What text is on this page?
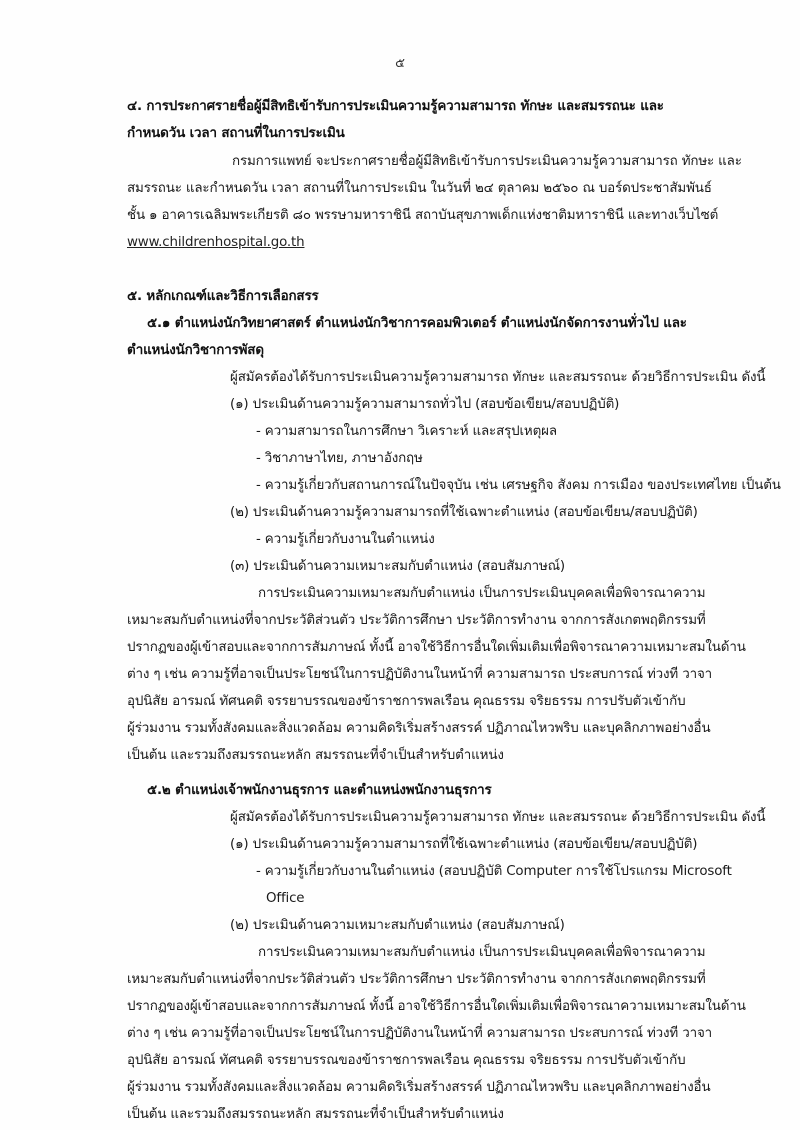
๕
๔. การประกาศรายชื่อผู้มีสิทธิเข้ารับการประเมินความรู้ความสามารถ ทักษะ และสมรรถนะ และ
กำหนดวัน เวลา สถานที่ในการประเมิน
กรมการแพทย์ จะประกาศรายชื่อผู้มีสิทธิเข้ารับการประเมินความรู้ความสามารถ ทักษะ และ
สมรรถนะ และกำหนดวัน เวลา สถานที่ในการประเมิน ในวันที่ ๒๔ ตุลาคม ๒๕๖๐ ณ บอร์ดประชาสัมพันธ์
ชั้น ๑ อาคารเฉลิมพระเกียรติ ๘๐ พรรษามหาราชินี สถาบันสุขภาพเด็กแห่งชาติมหาราชินี และทางเว็บไซต์
www.childrenhospital.go.th
๕. หลักเกณฑ์และวิธีการเลือกสรร
๕.๑ ตำแหน่งนักวิทยาศาสตร์ ตำแหน่งนักวิชาการคอมพิวเตอร์ ตำแหน่งนักจัดการงานทั่วไป และ
ตำแหน่งนักวิชาการพัสดุ
ผู้สมัครต้องได้รับการประเมินความรู้ความสามารถ ทักษะ และสมรรถนะ ด้วยวิธีการประเมิน ดังนี้
(๑) ประเมินด้านความรู้ความสามารถทั่วไป (สอบข้อเขียน/สอบปฏิบัติ)
- ความสามารถในการศึกษา วิเคราะห์ และสรุปเหตุผล
- วิชาภาษาไทย, ภาษาอังกฤษ
- ความรู้เกี่ยวกับสถานการณ์ในปัจจุบัน เช่น เศรษฐกิจ สังคม การเมือง ของประเทศไทย เป็นต้น
(๒) ประเมินด้านความรู้ความสามารถที่ใช้เฉพาะตำแหน่ง (สอบข้อเขียน/สอบปฏิบัติ)
- ความรู้เกี่ยวกับงานในตำแหน่ง
(๓) ประเมินด้านความเหมาะสมกับตำแหน่ง (สอบสัมภาษณ์)
การประเมินความเหมาะสมกับตำแหน่ง เป็นการประเมินบุคคลเพื่อพิจารณาความ
เหมาะสมกับตำแหน่งที่จากประวัติส่วนตัว ประวัติการศึกษา ประวัติการทำงาน จากการสังเกตพฤติกรรมที่
ปรากฏของผู้เข้าสอบและจากการสัมภาษณ์ ทั้งนี้ อาจใช้วิธีการอื่นใดเพิ่มเติมเพื่อพิจารณาความเหมาะสมในด้าน
ต่าง ๆ เช่น ความรู้ที่อาจเป็นประโยชน์ในการปฏิบัติงานในหน้าที่ ความสามารถ ประสบการณ์ ท่วงที วาจา
อุปนิสัย อารมณ์ ทัศนคติ จรรยาบรรณของข้าราชการพลเรือน คุณธรรม จริยธรรม การปรับตัวเข้ากับ
ผู้ร่วมงาน รวมทั้งสังคมและสิ่งแวดล้อม ความคิดริเริ่มสร้างสรรค์ ปฏิภาณไหวพริบ และบุคลิกภาพอย่างอื่น
เป็นต้น และรวมถึงสมรรถนะหลัก สมรรถนะที่จำเป็นสำหรับตำแหน่ง
๕.๒ ตำแหน่งเจ้าพนักงานธุรการ และตำแหน่งพนักงานธุรการ
ผู้สมัครต้องได้รับการประเมินความรู้ความสามารถ ทักษะ และสมรรถนะ ด้วยวิธีการประเมิน ดังนี้
(๑) ประเมินด้านความรู้ความสามารถที่ใช้เฉพาะตำแหน่ง (สอบข้อเขียน/สอบปฏิบัติ)
- ความรู้เกี่ยวกับงานในตำแหน่ง (สอบปฏิบัติ Computer การใช้โปรแกรม Microsoft
Office
(๒) ประเมินด้านความเหมาะสมกับตำแหน่ง (สอบสัมภาษณ์)
การประเมินความเหมาะสมกับตำแหน่ง เป็นการประเมินบุคคลเพื่อพิจารณาความ
เหมาะสมกับตำแหน่งที่จากประวัติส่วนตัว ประวัติการศึกษา ประวัติการทำงาน จากการสังเกตพฤติกรรมที่
ปรากฏของผู้เข้าสอบและจากการสัมภาษณ์ ทั้งนี้ อาจใช้วิธีการอื่นใดเพิ่มเติมเพื่อพิจารณาความเหมาะสมในด้าน
ต่าง ๆ เช่น ความรู้ที่อาจเป็นประโยชน์ในการปฏิบัติงานในหน้าที่ ความสามารถ ประสบการณ์ ท่วงที วาจา
อุปนิสัย อารมณ์ ทัศนคติ จรรยาบรรณของข้าราชการพลเรือน คุณธรรม จริยธรรม การปรับตัวเข้ากับ
ผู้ร่วมงาน รวมทั้งสังคมและสิ่งแวดล้อม ความคิดริเริ่มสร้างสรรค์ ปฏิภาณไหวพริบ และบุคลิกภาพอย่างอื่น
เป็นต้น และรวมถึงสมรรถนะหลัก สมรรถนะที่จำเป็นสำหรับตำแหน่ง
